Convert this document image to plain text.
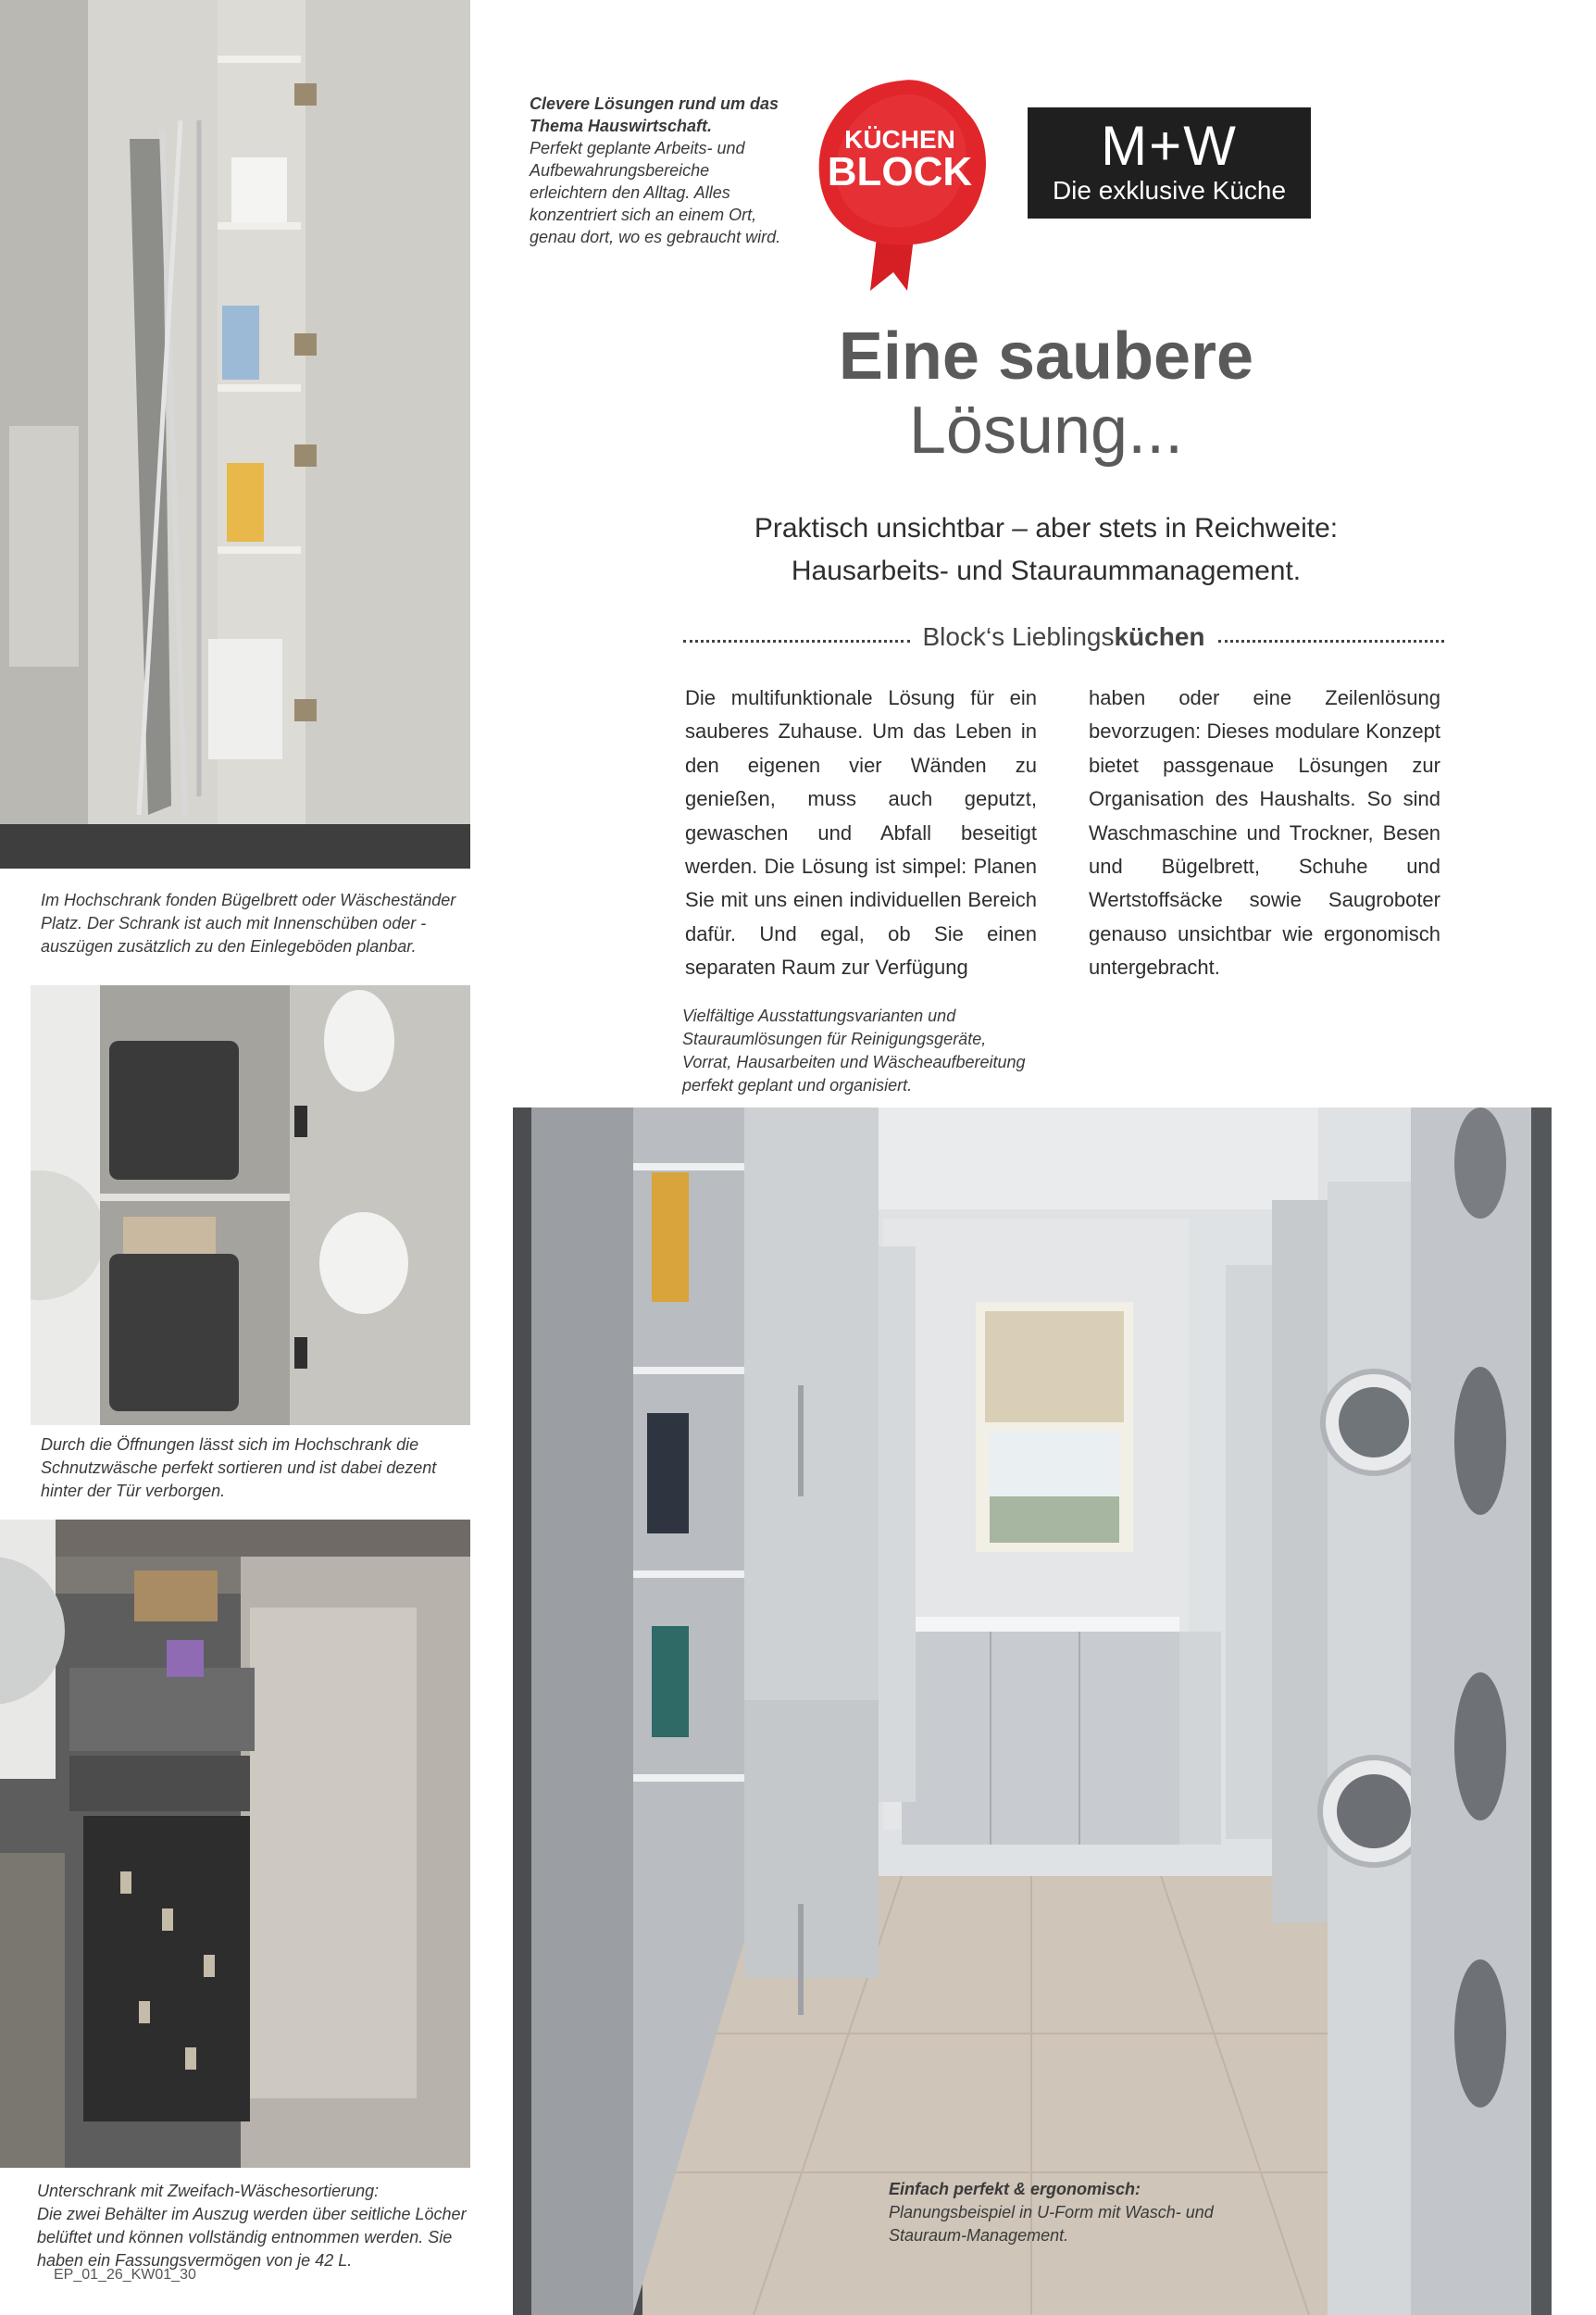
Im Hochschrank fonden Bügelbrett oder Wäscheständer Platz. Der Schrank ist auch mit Innenschüben oder -auszügen zusätzlich zu den Einlegeböden planbar.
Durch die Öffnungen lässt sich im Hochschrank die Schnutzwäsche perfekt sortieren und ist dabei dezent hinter der Tür verborgen.
Unterschrank mit Zweifach-Wäschesortierung:
Die zwei Behälter im Auszug werden über seitliche Löcher belüftet und können vollständig entnommen werden. Sie haben ein Fassungsvermögen von je 42 L.
Clevere Lösungen rund um das Thema Hauswirtschaft.
Perfekt geplante Arbeits- und Aufbewahrungsbereiche erleichtern den Alltag. Alles konzentriert sich an einem Ort, genau dort, wo es gebraucht wird.
KÜCHEN
BLOCK	M+W
Die exklusive Küche
Eine saubere
Lösung...
Praktisch unsichtbar – aber stets in Reichweite:
Hausarbeits- und Stauraummanagement.
Block‘s Lieblingsküchen
Die multifunktionale Lösung für ein sauberes Zuhause. Um das Leben in den eigenen vier Wänden zu genießen, muss auch geputzt, gewaschen und Abfall beseitigt werden. Die Lösung ist simpel: Planen Sie mit uns einen individuellen Bereich dafür. Und egal, ob Sie einen separaten Raum zur Verfügung
haben oder eine Zeilenlösung bevorzugen: Dieses modulare Konzept bietet passgenaue Lösungen zur Organisation des Haushalts. So sind Waschmaschine und Trockner, Besen und Bügelbrett, Schuhe und Wertstoffsäcke sowie Saugroboter genauso unsichtbar wie ergonomisch untergebracht.
Vielfältige Ausstattungsvarianten und Stauraumlösungen für Reinigungsgeräte, Vorrat, Hausarbeiten und Wäscheaufbereitung perfekt geplant und organisiert.
Einfach perfekt & ergonomisch:
Planungsbeispiel in U-Form mit Wasch- und Stauraum-Management.
EP_01_26_KW01_30
